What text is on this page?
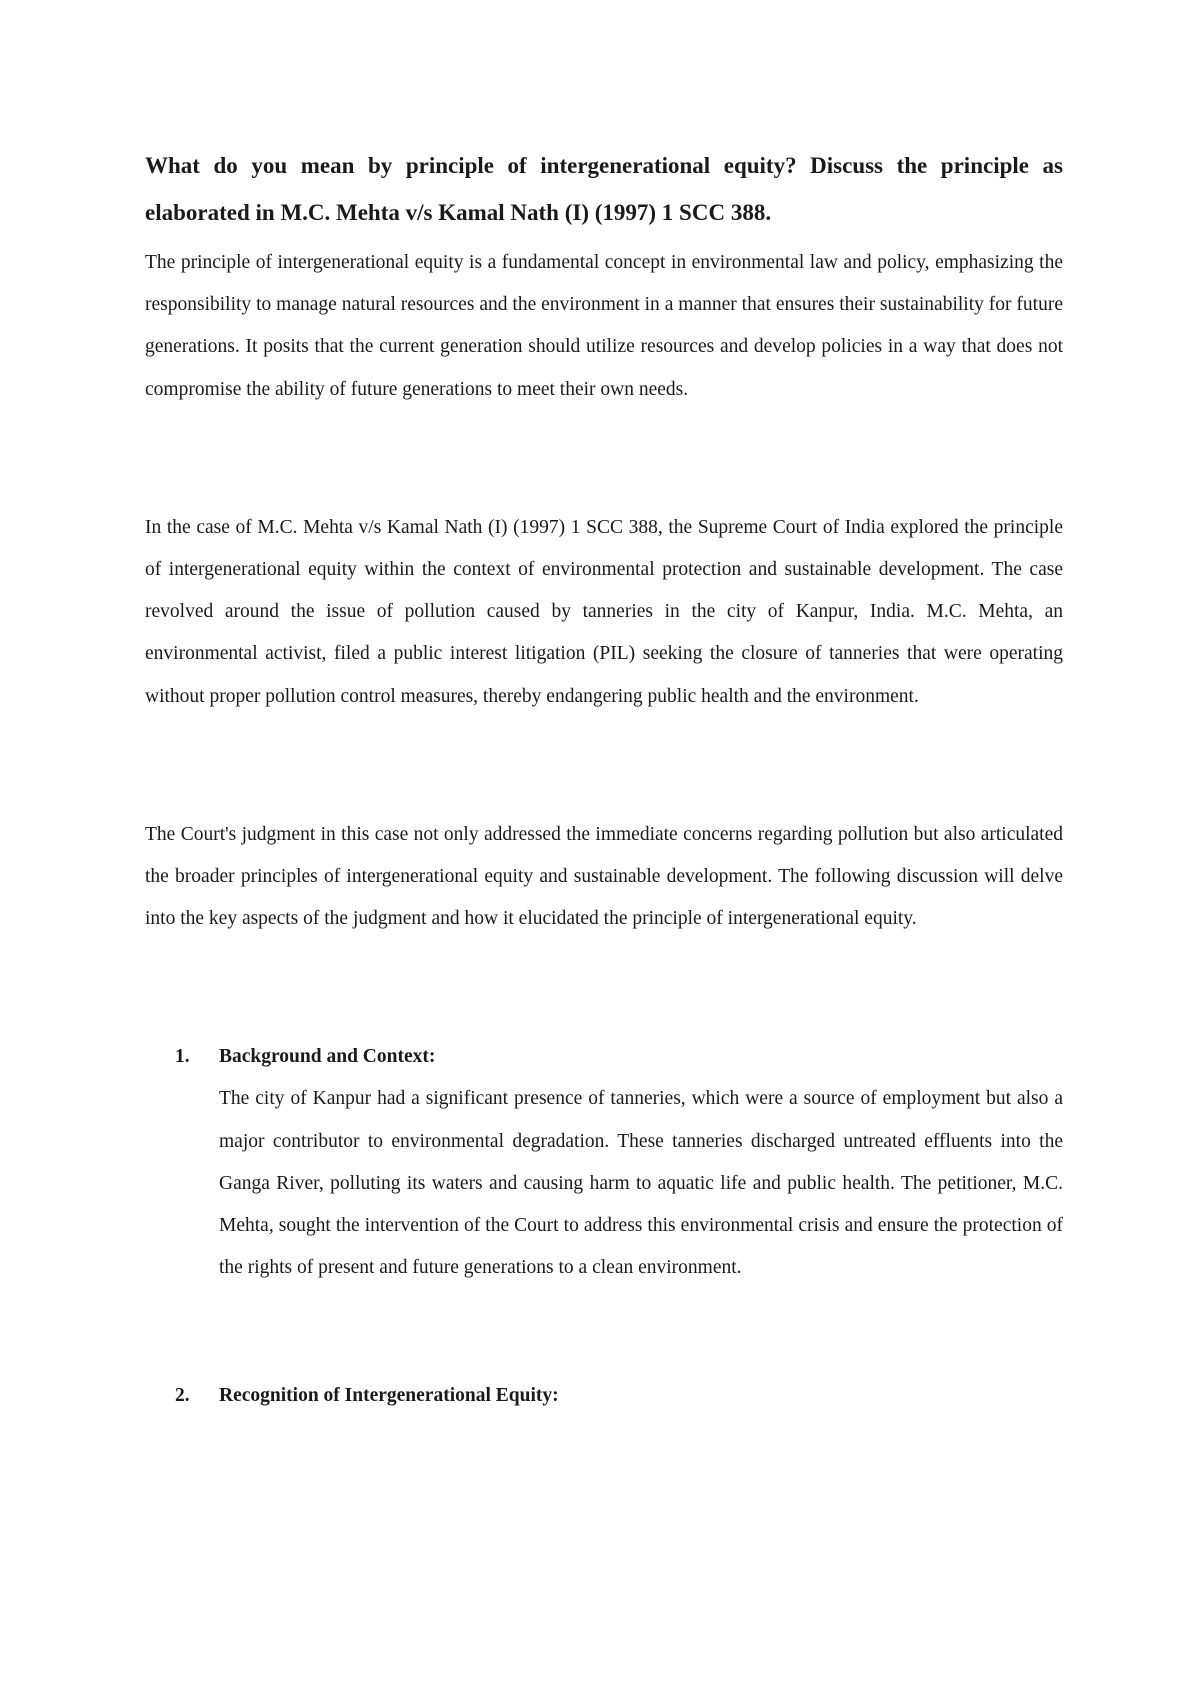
What do you mean by principle of intergenerational equity? Discuss the principle as elaborated in M.C. Mehta v/s Kamal Nath (I) (1997) 1 SCC 388.

The principle of intergenerational equity is a fundamental concept in environmental law and policy, emphasizing the responsibility to manage natural resources and the environment in a manner that ensures their sustainability for future generations. It posits that the current generation should utilize resources and develop policies in a way that does not compromise the ability of future generations to meet their own needs.

In the case of M.C. Mehta v/s Kamal Nath (I) (1997) 1 SCC 388, the Supreme Court of India explored the principle of intergenerational equity within the context of environmental protection and sustainable development. The case revolved around the issue of pollution caused by tanneries in the city of Kanpur, India. M.C. Mehta, an environmental activist, filed a public interest litigation (PIL) seeking the closure of tanneries that were operating without proper pollution control measures, thereby endangering public health and the environment.

The Court's judgment in this case not only addressed the immediate concerns regarding pollution but also articulated the broader principles of intergenerational equity and sustainable development. The following discussion will delve into the key aspects of the judgment and how it elucidated the principle of intergenerational equity.

1. Background and Context:

The city of Kanpur had a significant presence of tanneries, which were a source of employment but also a major contributor to environmental degradation. These tanneries discharged untreated effluents into the Ganga River, polluting its waters and causing harm to aquatic life and public health. The petitioner, M.C. Mehta, sought the intervention of the Court to address this environmental crisis and ensure the protection of the rights of present and future generations to a clean environment.

2. Recognition of Intergenerational Equity:
